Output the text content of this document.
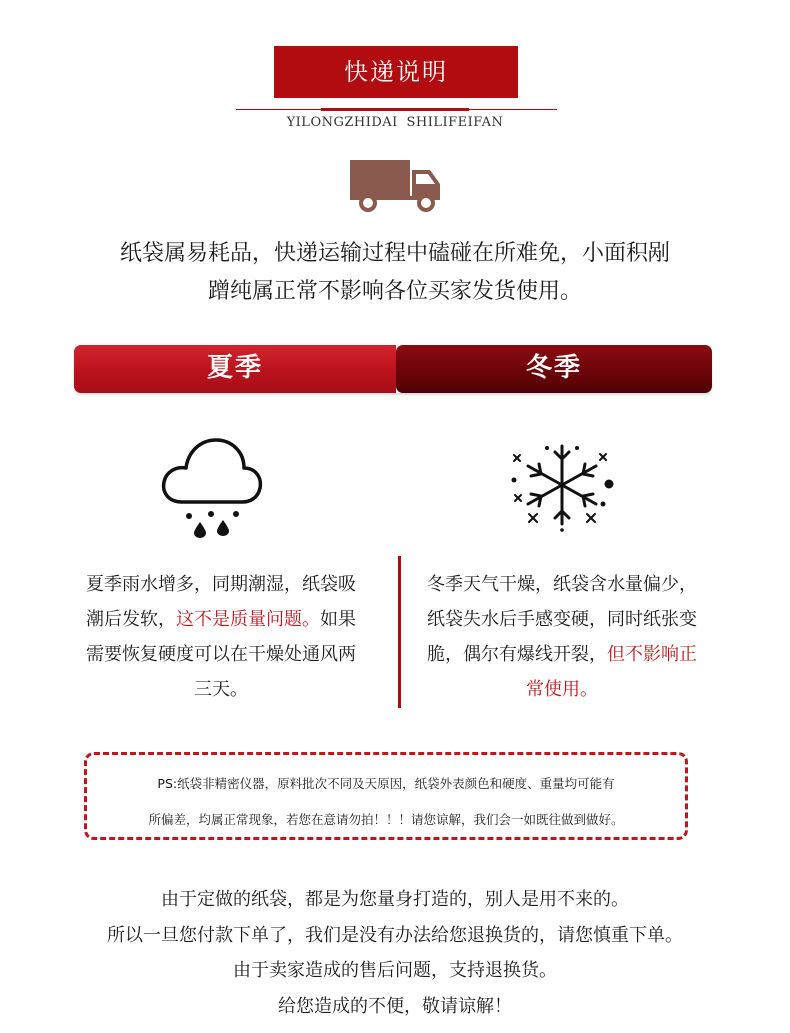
快递说明
YILONGZHIDAI SHILIFEIFAN
纸袋属易耗品，快递运输过程中磕碰在所难免，小面积剐
蹭纯属正常不影响各位买家发货使用。
夏季	冬季
夏季雨水增多，同期潮湿，纸袋吸潮后发软，这不是质量问题。如果需要恢复硬度可以在干燥处通风两三天。
冬季天气干燥，纸袋含水量偏少，纸袋失水后手感变硬，同时纸张变脆，偶尔有爆线开裂，但不影响正常使用。
PS:纸袋非精密仪器，原料批次不同及天原因，纸袋外表颜色和硬度、重量均可能有
所偏差，均属正常现象，若您在意请勿拍！！！请您谅解，我们会一如既往做到做好。
由于定做的纸袋，都是为您量身打造的，别人是用不来的。
所以一旦您付款下单了，我们是没有办法给您退换货的，请您慎重下单。
由于卖家造成的售后问题，支持退换货。
给您造成的不便，敬请谅解！
